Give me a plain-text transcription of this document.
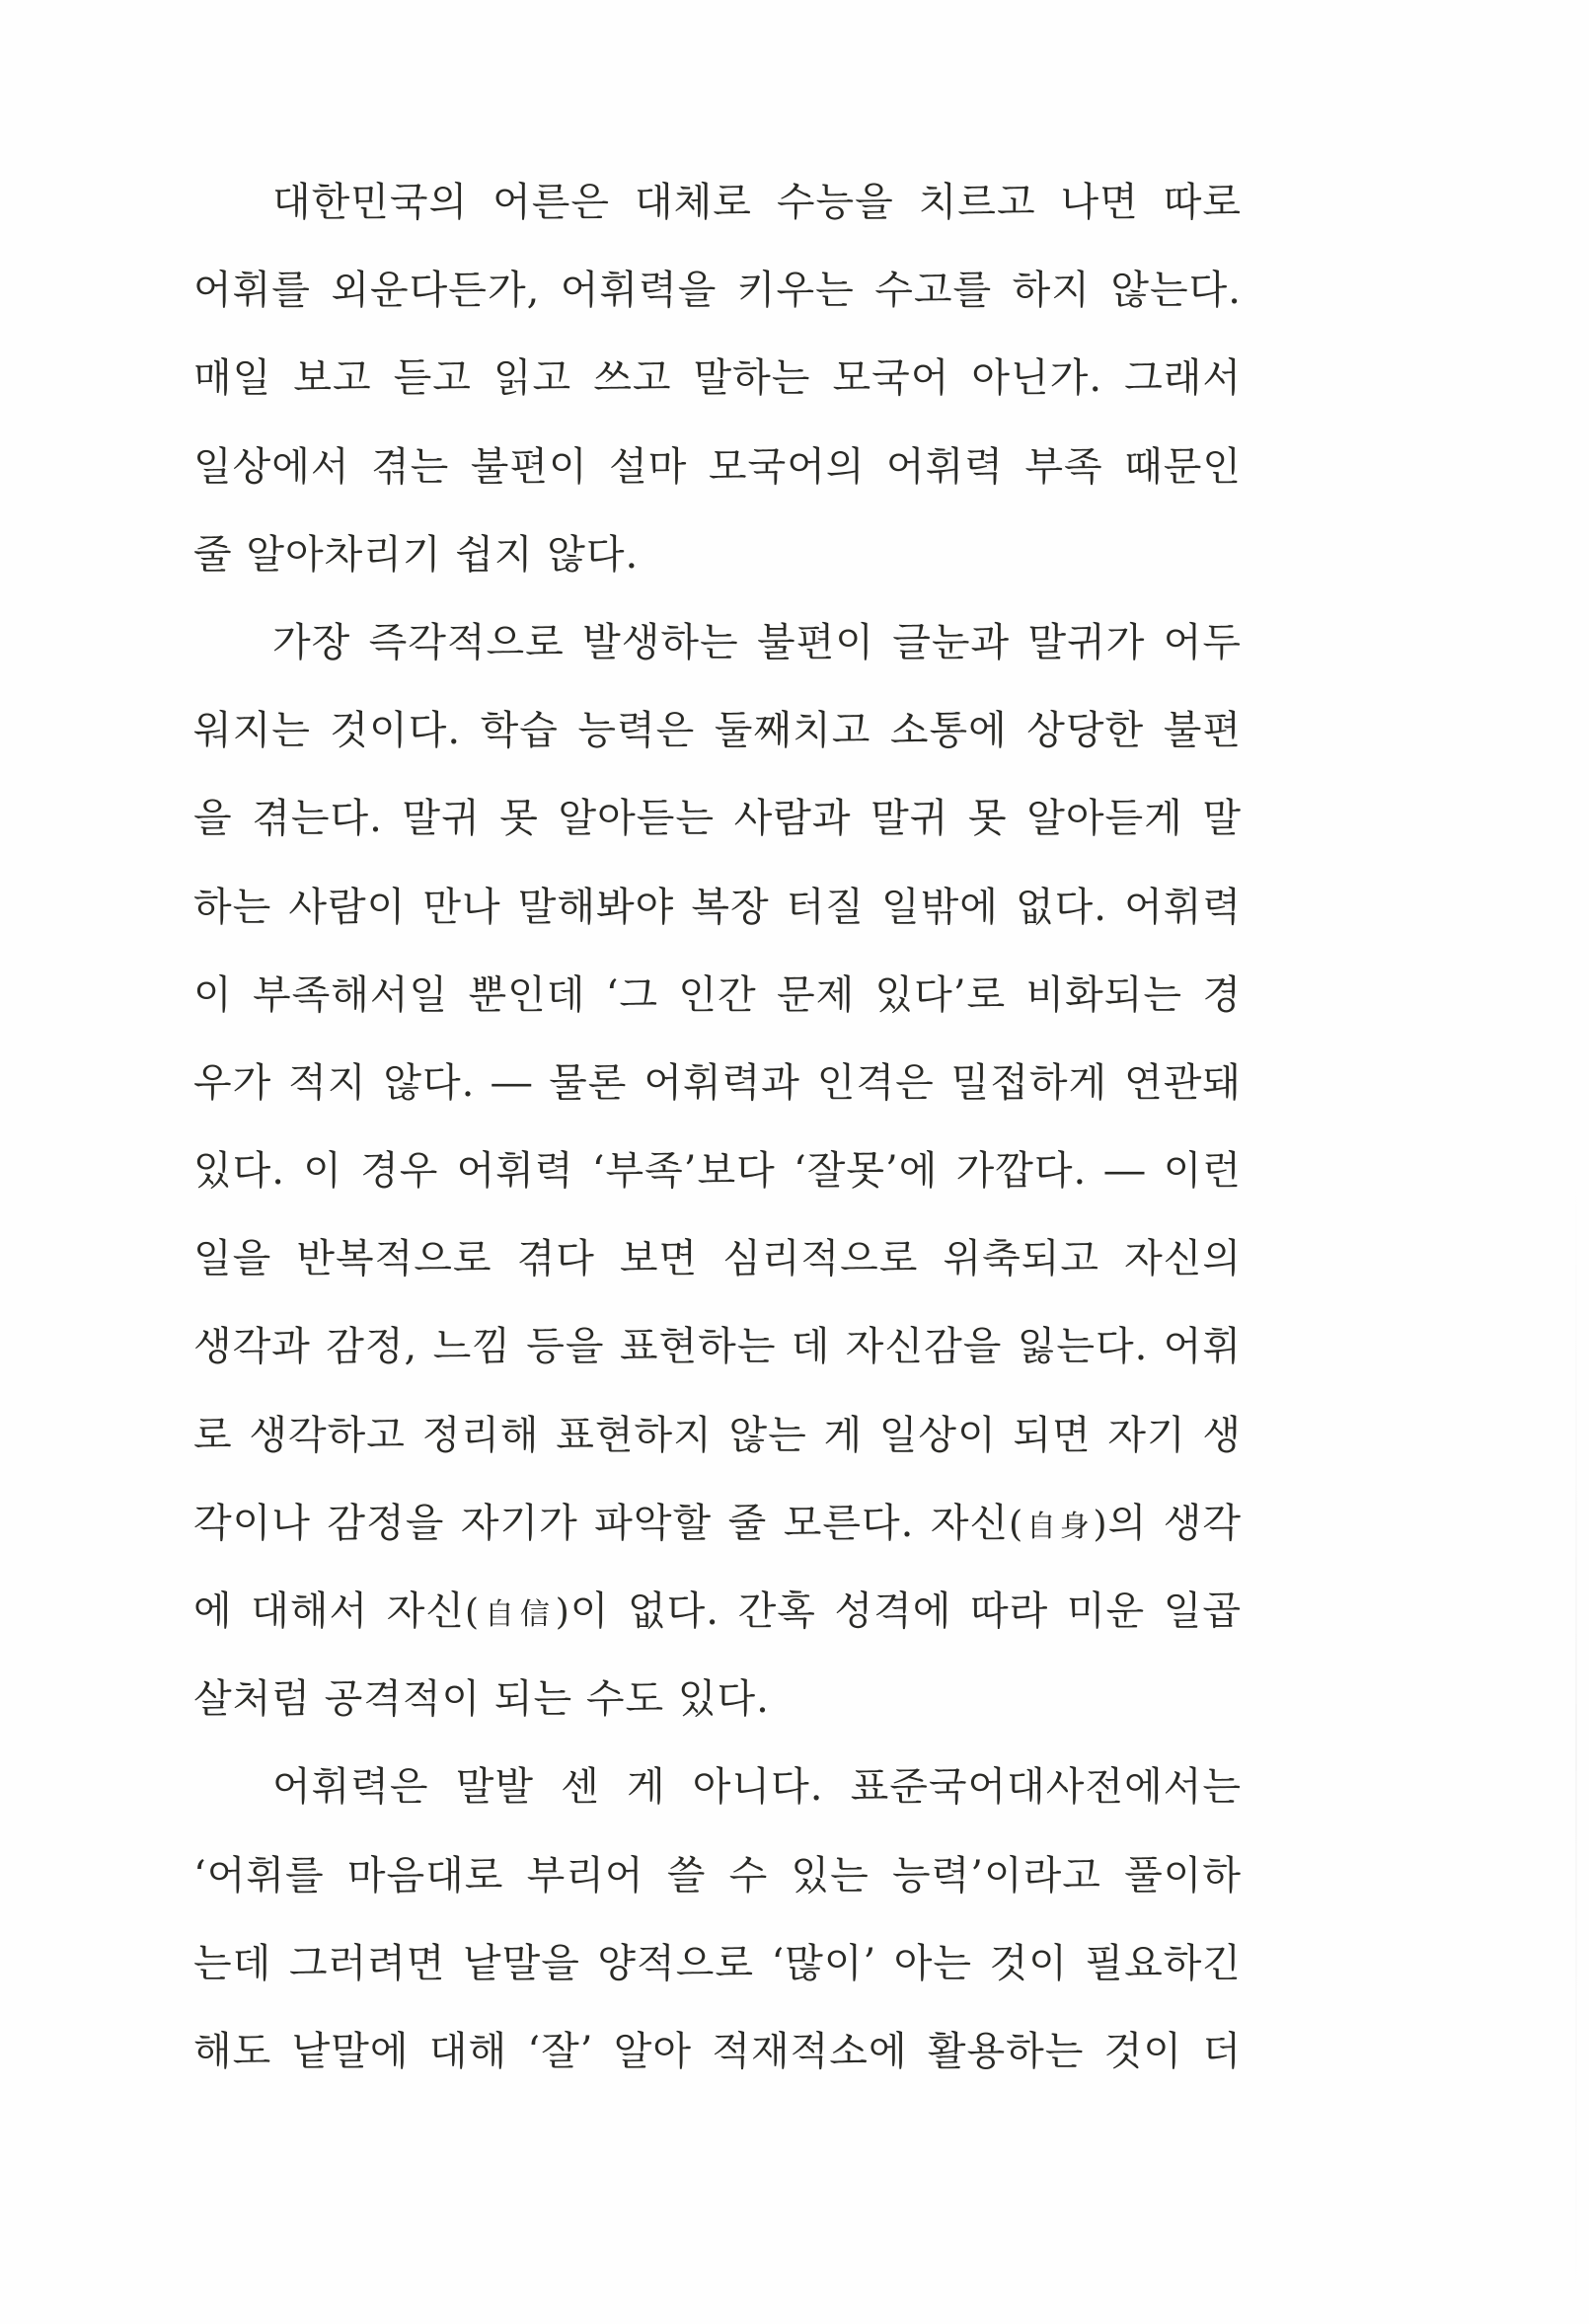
대한민국의 어른은 대체로 수능을 치르고 나면 따로
어휘를 외운다든가, 어휘력을 키우는 수고를 하지 않는다.
매일 보고 듣고 읽고 쓰고 말하는 모국어 아닌가. 그래서
일상에서 겪는 불편이 설마 모국어의 어휘력 부족 때문인
줄 알아차리기 쉽지 않다.
가장 즉각적으로 발생하는 불편이 글눈과 말귀가 어두
워지는 것이다. 학습 능력은 둘째치고 소통에 상당한 불편
을 겪는다. 말귀 못 알아듣는 사람과 말귀 못 알아듣게 말
하는 사람이 만나 말해봐야 복장 터질 일밖에 없다. 어휘력
이 부족해서일 뿐인데 ‘그 인간 문제 있다’로 비화되는 경
우가 적지 않다. ― 물론 어휘력과 인격은 밀접하게 연관돼
있다. 이 경우 어휘력 ‘부족’보다 ‘잘못’에 가깝다. ― 이런
일을 반복적으로 겪다 보면 심리적으로 위축되고 자신의
생각과 감정, 느낌 등을 표현하는 데 자신감을 잃는다. 어휘
로 생각하고 정리해 표현하지 않는 게 일상이 되면 자기 생
각이나 감정을 자기가 파악할 줄 모른다. 자신(自身)의 생각
에 대해서 자신(自信)이 없다. 간혹 성격에 따라 미운 일곱
살처럼 공격적이 되는 수도 있다.
어휘력은 말발 센 게 아니다. 표준국어대사전에서는
‘어휘를 마음대로 부리어 쓸 수 있는 능력’이라고 풀이하
는데 그러려면 낱말을 양적으로 ‘많이’ 아는 것이 필요하긴
해도 낱말에 대해 ‘잘’ 알아 적재적소에 활용하는 것이 더
